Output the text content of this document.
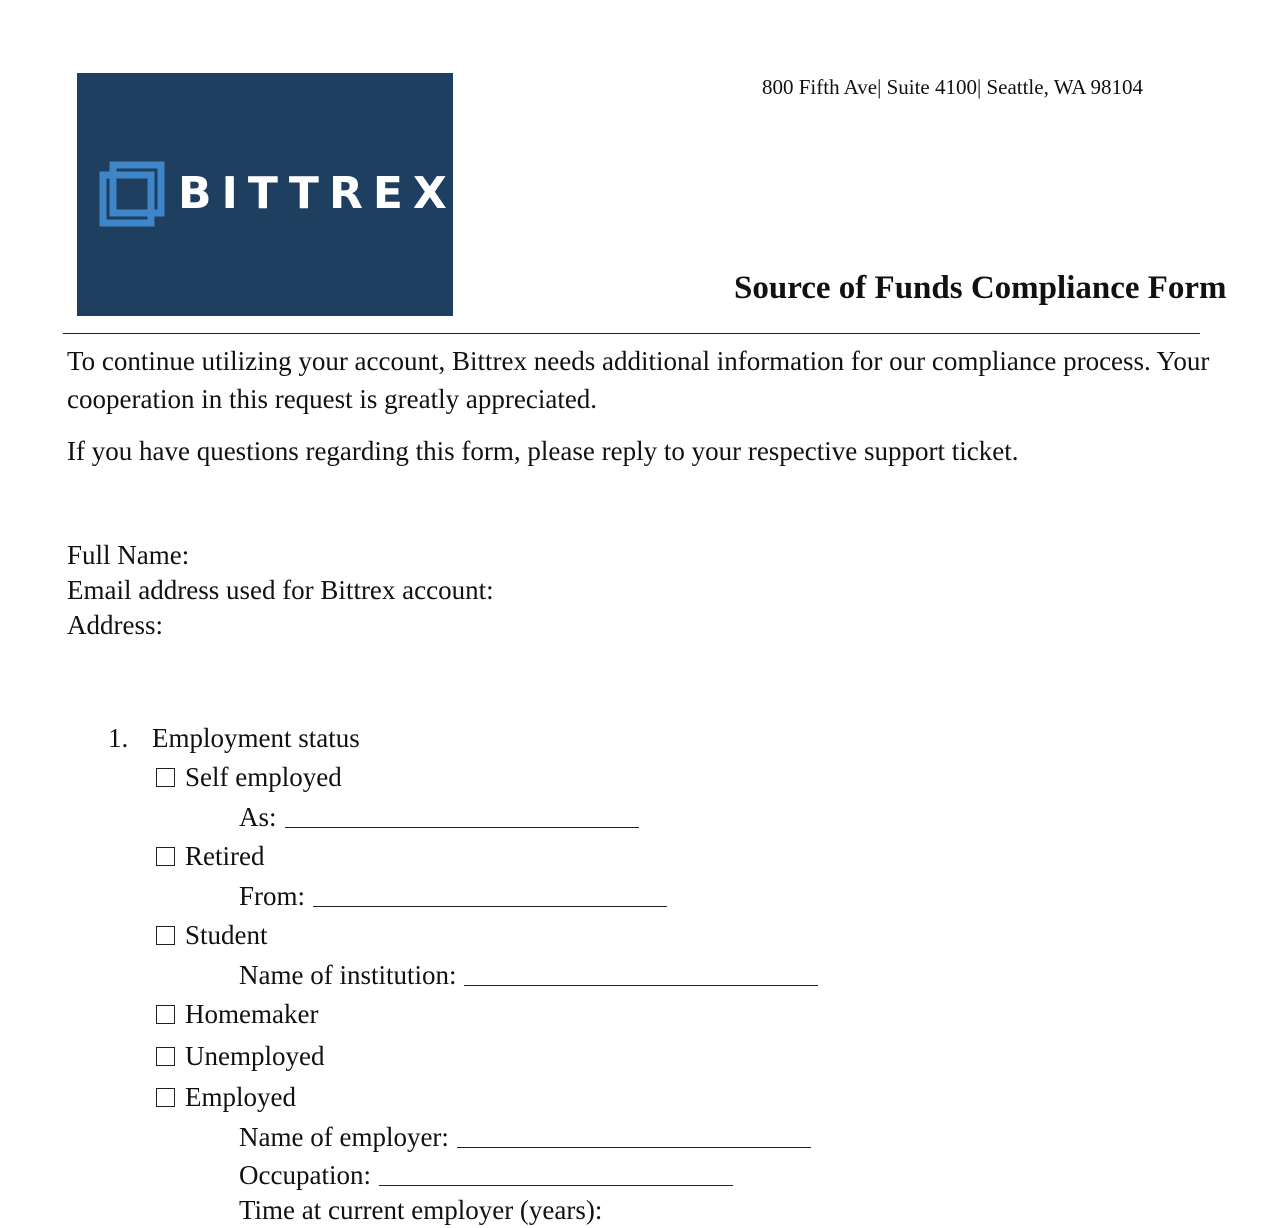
BITTREX
800 Fifth Ave| Suite 4100| Seattle, WA 98104
Source of Funds Compliance Form
To continue utilizing your account, Bittrex needs additional information for our compliance process. Your cooperation in this request is greatly appreciated.
If you have questions regarding this form, please reply to your respective support ticket.
Full Name:
Email address used for Bittrex account:
Address:
1. Employment status
Self employed
As:
Retired
From:
Student
Name of institution:
Homemaker
Unemployed
Employed
Name of employer:
Occupation:
Time at current employer (years):
